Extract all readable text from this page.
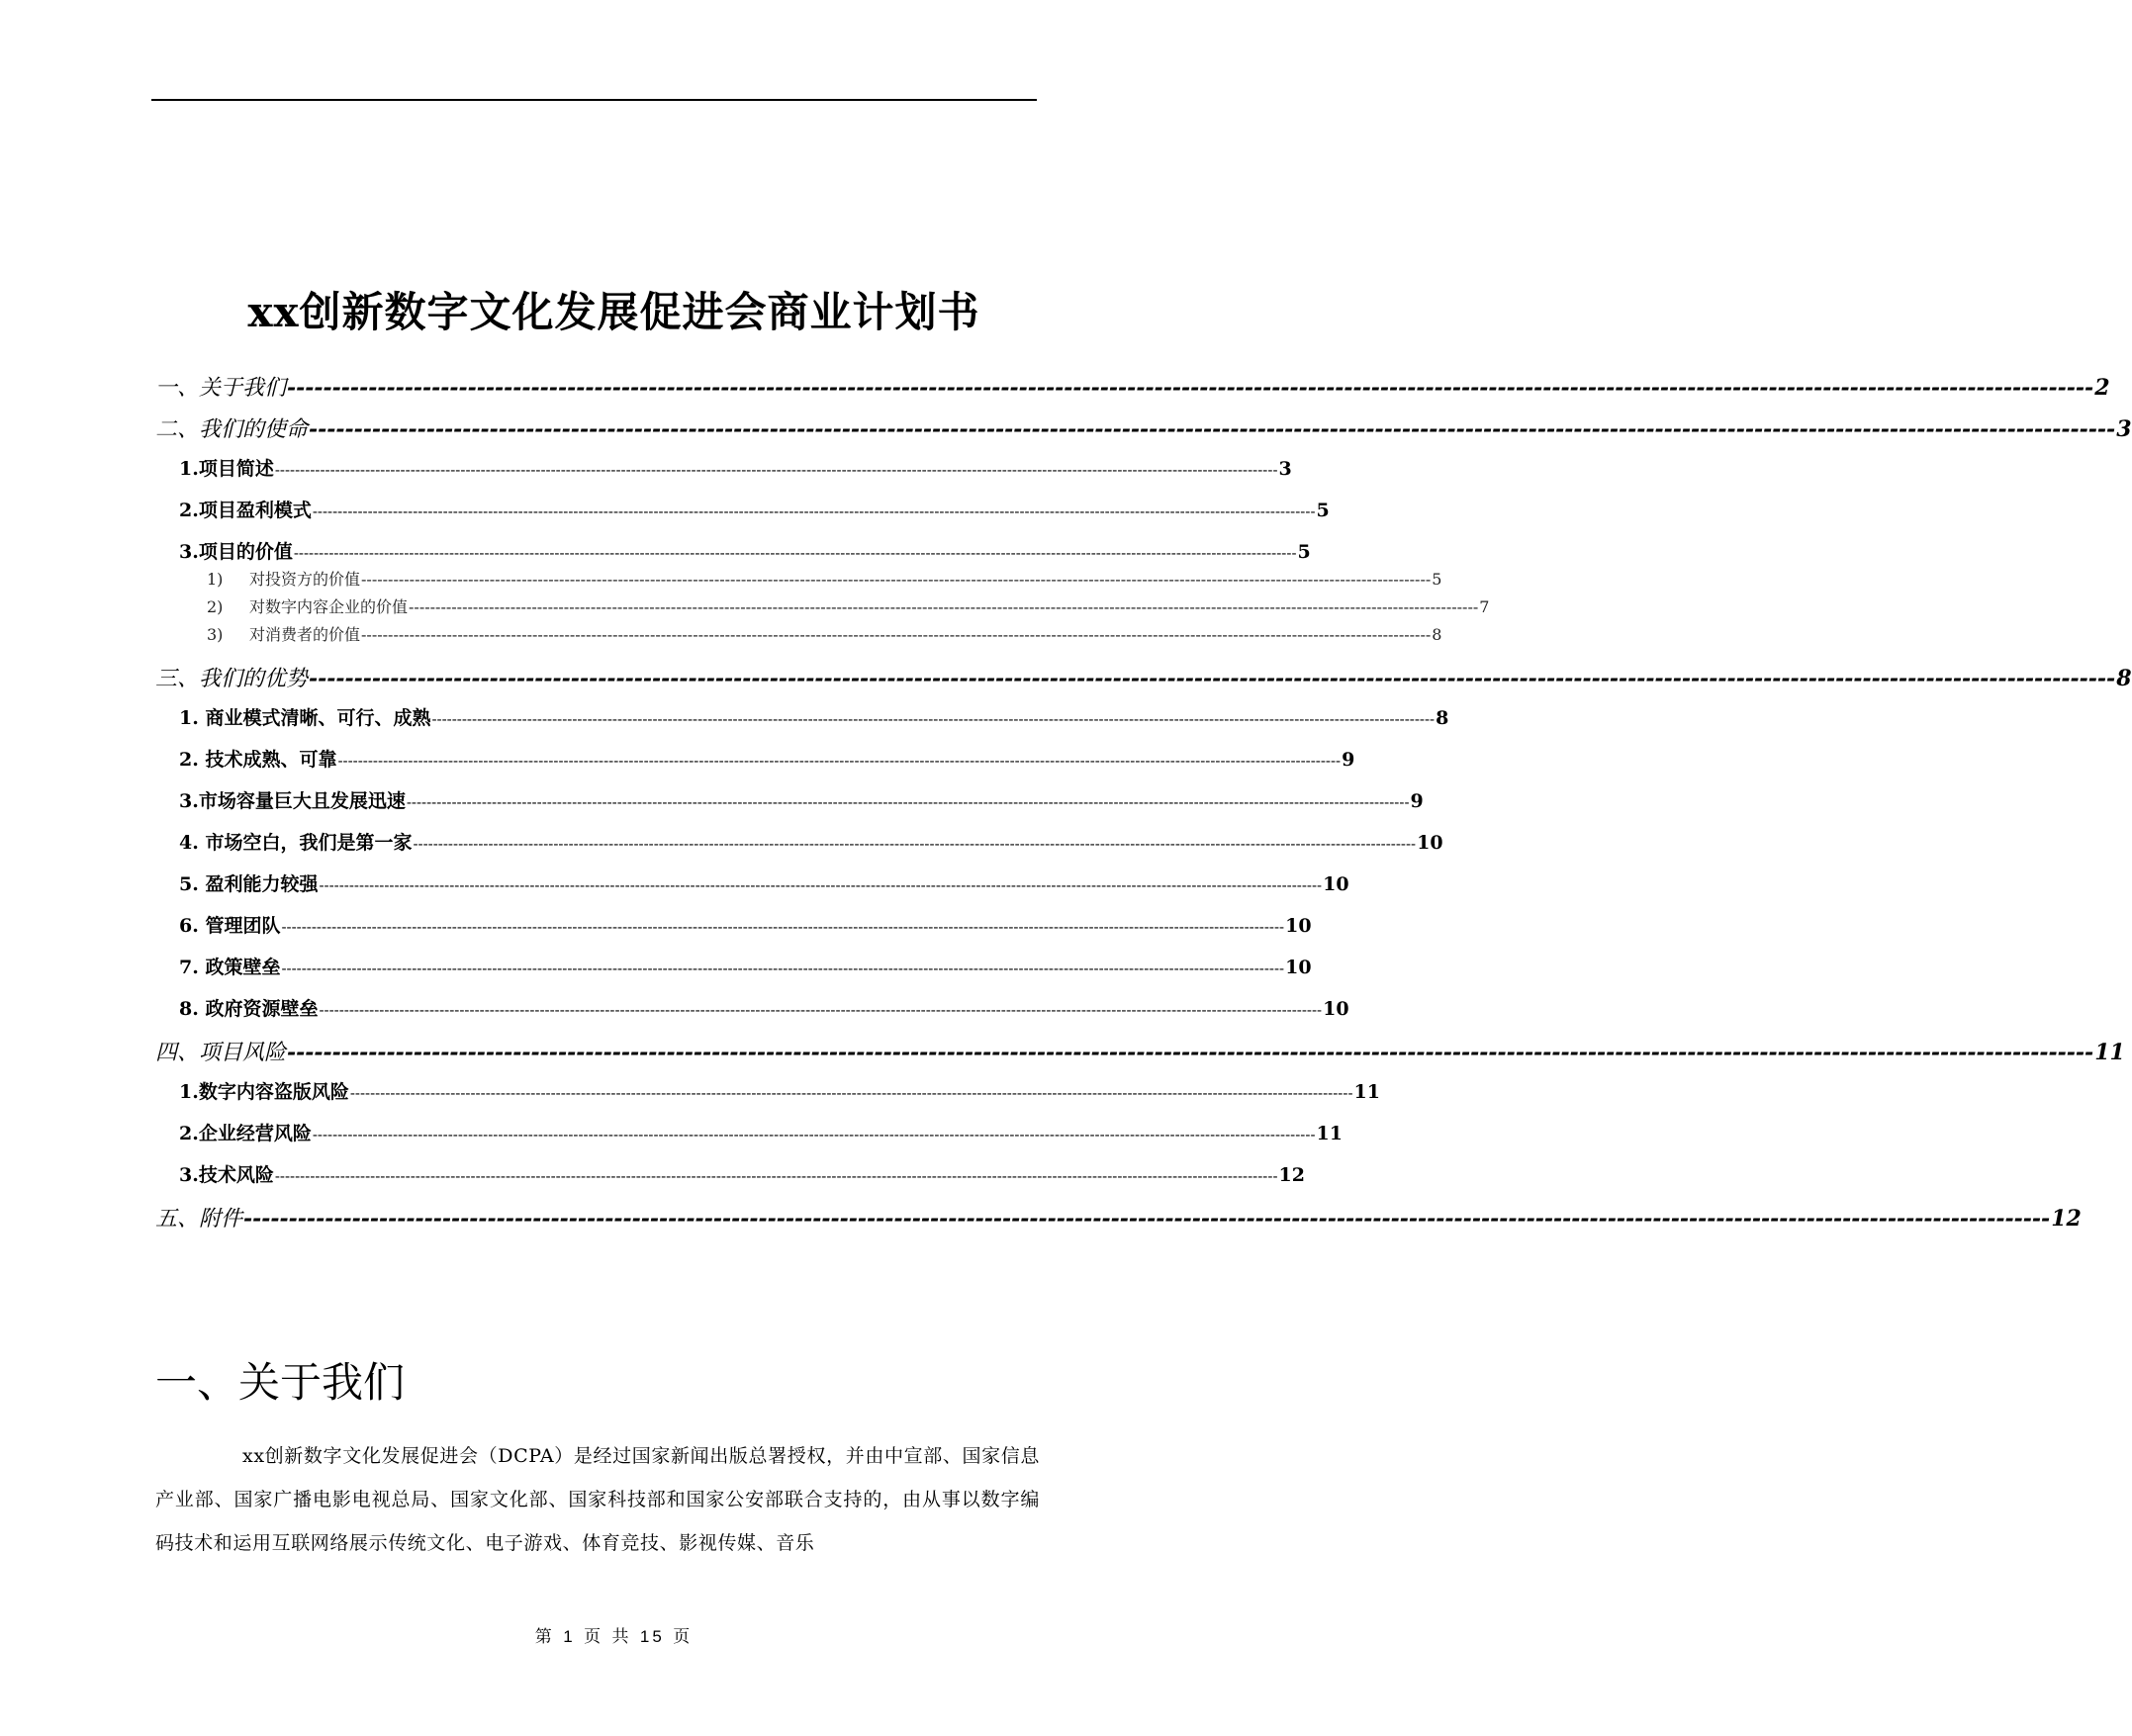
xx创新数字文化发展促进会商业计划书
一、关于我们 -------------------------------------------------------------------------------------------------------------------------------------------------------------------------------------------------------- 2
二、我们的使命 -------------------------------------------------------------------------------------------------------------------------------------------------------------------------------------------------------- 3
1.项目简述 -------------------------------------------------------------------------------------------------------------------------------------------------------------------------------------------------------- 3
2.项目盈利模式 -------------------------------------------------------------------------------------------------------------------------------------------------------------------------------------------------------- 5
3.项目的价值 -------------------------------------------------------------------------------------------------------------------------------------------------------------------------------------------------------- 5
1) 对投资方的价值 -------------------------------------------------------------------------------------------------------------------------------------------------------------------------------------------------------- 5
2) 对数字内容企业的价值 -------------------------------------------------------------------------------------------------------------------------------------------------------------------------------------------------------- 7
3) 对消费者的价值 -------------------------------------------------------------------------------------------------------------------------------------------------------------------------------------------------------- 8
三、我们的优势 -------------------------------------------------------------------------------------------------------------------------------------------------------------------------------------------------------- 8
1. 商业模式清晰、可行、成熟 -------------------------------------------------------------------------------------------------------------------------------------------------------------------------------------------------------- 8
2. 技术成熟、可靠 -------------------------------------------------------------------------------------------------------------------------------------------------------------------------------------------------------- 9
3.市场容量巨大且发展迅速 -------------------------------------------------------------------------------------------------------------------------------------------------------------------------------------------------------- 9
4. 市场空白，我们是第一家 -------------------------------------------------------------------------------------------------------------------------------------------------------------------------------------------------------- 10
5. 盈利能力较强 -------------------------------------------------------------------------------------------------------------------------------------------------------------------------------------------------------- 10
6. 管理团队 -------------------------------------------------------------------------------------------------------------------------------------------------------------------------------------------------------- 10
7. 政策壁垒 -------------------------------------------------------------------------------------------------------------------------------------------------------------------------------------------------------- 10
8. 政府资源壁垒 -------------------------------------------------------------------------------------------------------------------------------------------------------------------------------------------------------- 10
四、项目风险 -------------------------------------------------------------------------------------------------------------------------------------------------------------------------------------------------------- 11
1.数字内容盗版风险 -------------------------------------------------------------------------------------------------------------------------------------------------------------------------------------------------------- 11
2.企业经营风险 -------------------------------------------------------------------------------------------------------------------------------------------------------------------------------------------------------- 11
3.技术风险 -------------------------------------------------------------------------------------------------------------------------------------------------------------------------------------------------------- 12
五、附件 -------------------------------------------------------------------------------------------------------------------------------------------------------------------------------------------------------- 12
一、关于我们
xx创新数字文化发展促进会（DCPA）是经过国家新闻出版总署授权，并由中宣部、国家信息产业部、国家广播电影电视总局、国家文化部、国家科技部和国家公安部联合支持的，由从事以数字编码技术和运用互联网络展示传统文化、电子游戏、体育竞技、影视传媒、音乐
第 1 页 共 15 页
